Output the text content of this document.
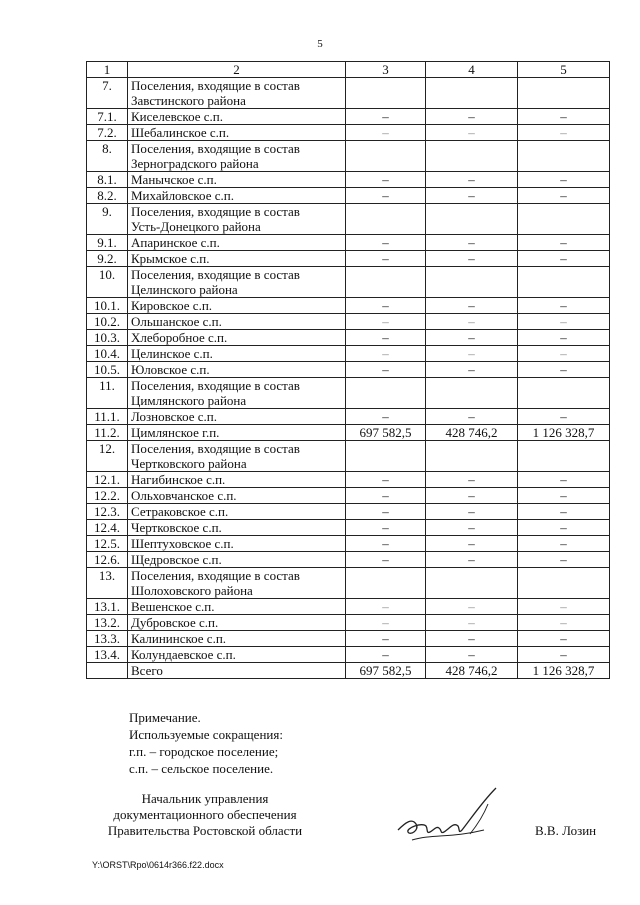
5
1	2	3	4	5
7.	Поселения, входящие в состав
Завстинского района			

7.1.	Киселевское с.п.	–	–	–
7.2.	Шебалинское с.п.	–	–	–
8.	Поселения, входящие в состав
Зерноградского района			

8.1.	Манычское с.п.	–	–	–
8.2.	Михайловское с.п.	–	–	–
9.	Поселения, входящие в состав
Усть-Донецкого района			

9.1.	Апаринское с.п.	–	–	–
9.2.	Крымское с.п.	–	–	–
10.	Поселения, входящие в состав
Целинского района			

10.1.	Кировское с.п.	–	–	–
10.2.	Ольшанское с.п.	–	–	–
10.3.	Хлеборобное с.п.	–	–	–
10.4.	Целинское с.п.	–	–	–
10.5.	Юловское с.п.	–	–	–
11.	Поселения, входящие в состав
Цимлянского района			

11.1.	Лозновское с.п.	–	–	–
11.2.	Цимлянское г.п.	697 582,5	428 746,2	1 126 328,7
12.	Поселения, входящие в состав
Чертковского района			

12.1.	Нагибинское с.п.	–	–	–
12.2.	Ольховчанское с.п.	–	–	–
12.3.	Сетраковское с.п.	–	–	–
12.4.	Чертковское с.п.	–	–	–
12.5.	Шептуховское с.п.	–	–	–
12.6.	Щедровское с.п.	–	–	–
13.	Поселения, входящие в состав
Шолоховского района			

13.1.	Вешенское с.п.	–	–	–
13.2.	Дубровское с.п.	–	–	–
13.3.	Калининское с.п.	–	–	–
13.4.	Колундаевское с.п.	–	–	–
	Всего	697 582,5	428 746,2	1 126 328,7
Примечание.
Используемые сокращения:
г.п. – городское поселение;
с.п. – сельское поселение.
Начальник управления
документационного обеспечения
Правительства Ростовской области	В.В. Лозин
Y:\ORST\Rpo\0614r366.f22.docx
